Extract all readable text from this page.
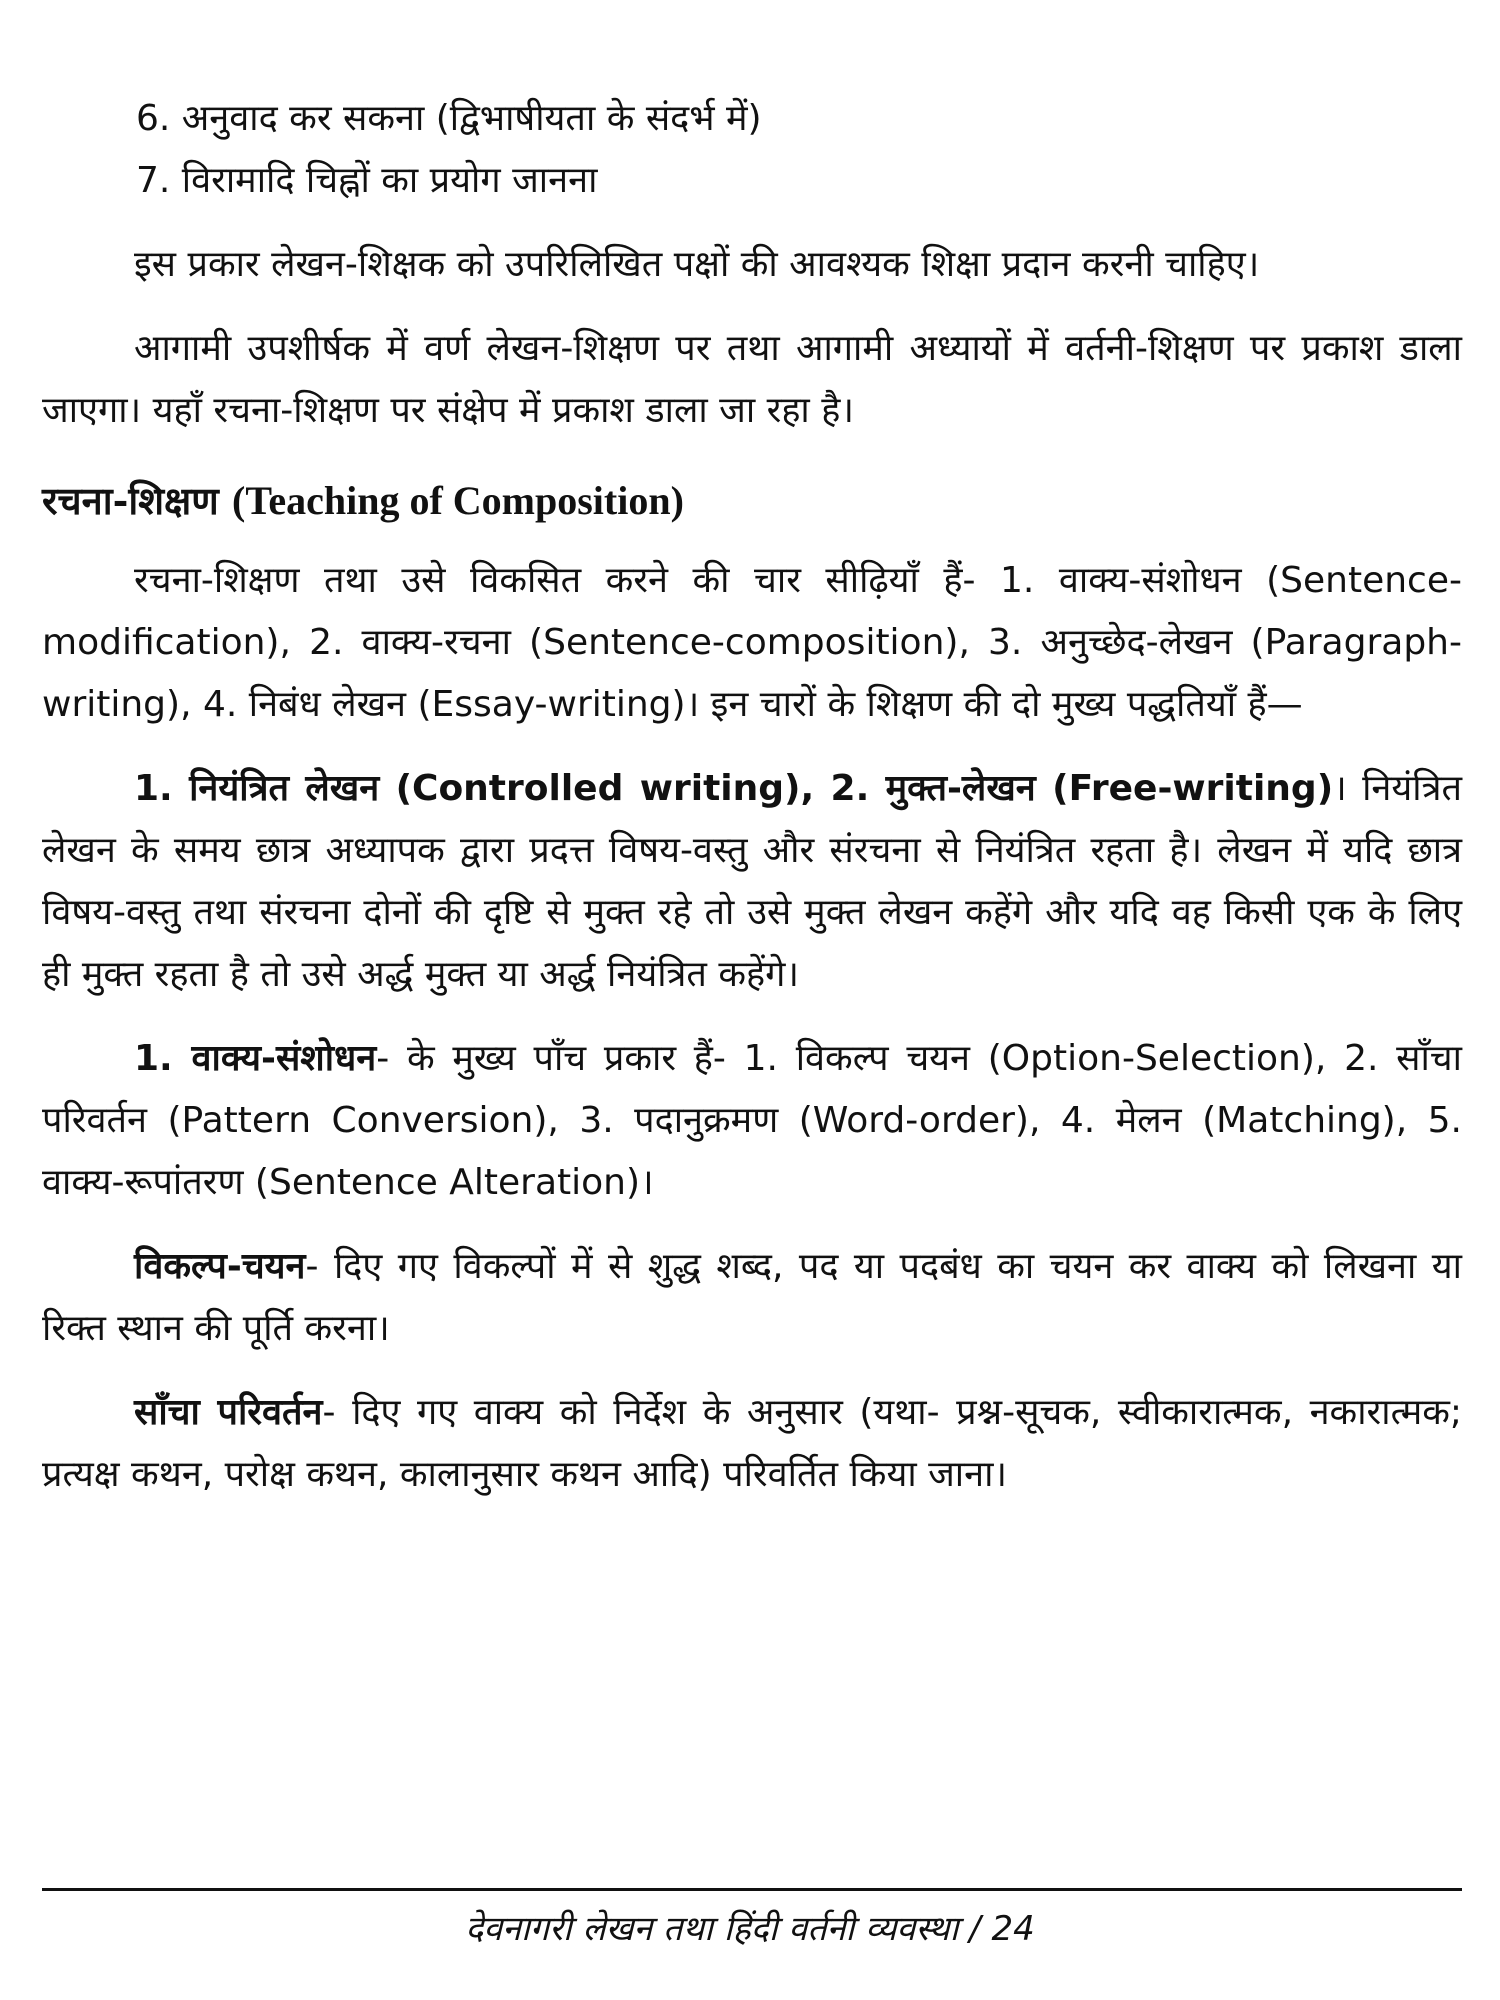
6. अनुवाद कर सकना (द्विभाषीयता के संदर्भ में)
7. विरामादि चिह्नों का प्रयोग जानना

इस प्रकार लेखन-शिक्षक को उपरिलिखित पक्षों की आवश्यक शिक्षा प्रदान करनी चाहिए।

आगामी उपशीर्षक में वर्ण लेखन-शिक्षण पर तथा आगामी अध्यायों में वर्तनी-शिक्षण पर प्रकाश डाला जाएगा। यहाँ रचना-शिक्षण पर संक्षेप में प्रकाश डाला जा रहा है।

रचना-शिक्षण (Teaching of Composition)

रचना-शिक्षण तथा उसे विकसित करने की चार सीढ़ियाँ हैं- 1. वाक्य-संशोधन (Sentence-modification), 2. वाक्य-रचना (Sentence-composition), 3. अनुच्छेद-लेखन (Paragraph-writing), 4. निबंध लेखन (Essay-writing)। इन चारों के शिक्षण की दो मुख्य पद्धतियाँ हैं—

1. नियंत्रित लेखन (Controlled writing), 2. मुक्त-लेखन (Free-writing)। नियंत्रित लेखन के समय छात्र अध्यापक द्वारा प्रदत्त विषय-वस्तु और संरचना से नियंत्रित रहता है। लेखन में यदि छात्र विषय-वस्तु तथा संरचना दोनों की दृष्टि से मुक्त रहे तो उसे मुक्त लेखन कहेंगे और यदि वह किसी एक के लिए ही मुक्त रहता है तो उसे अर्द्ध मुक्त या अर्द्ध नियंत्रित कहेंगे।

1. वाक्य-संशोधन- के मुख्य पाँच प्रकार हैं- 1. विकल्प चयन (Option-Selection), 2. साँचा परिवर्तन (Pattern Conversion), 3. पदानुक्रमण (Word-order), 4. मेलन (Matching), 5. वाक्य-रूपांतरण (Sentence Alteration)।

विकल्प-चयन- दिए गए विकल्पों में से शुद्ध शब्द, पद या पदबंध का चयन कर वाक्य को लिखना या रिक्त स्थान की पूर्ति करना।

साँचा परिवर्तन- दिए गए वाक्य को निर्देश के अनुसार (यथा- प्रश्न-सूचक, स्वीकारात्मक, नकारात्मक; प्रत्यक्ष कथन, परोक्ष कथन, कालानुसार कथन आदि) परिवर्तित किया जाना।

देवनागरी लेखन तथा हिंदी वर्तनी व्यवस्था / 24
